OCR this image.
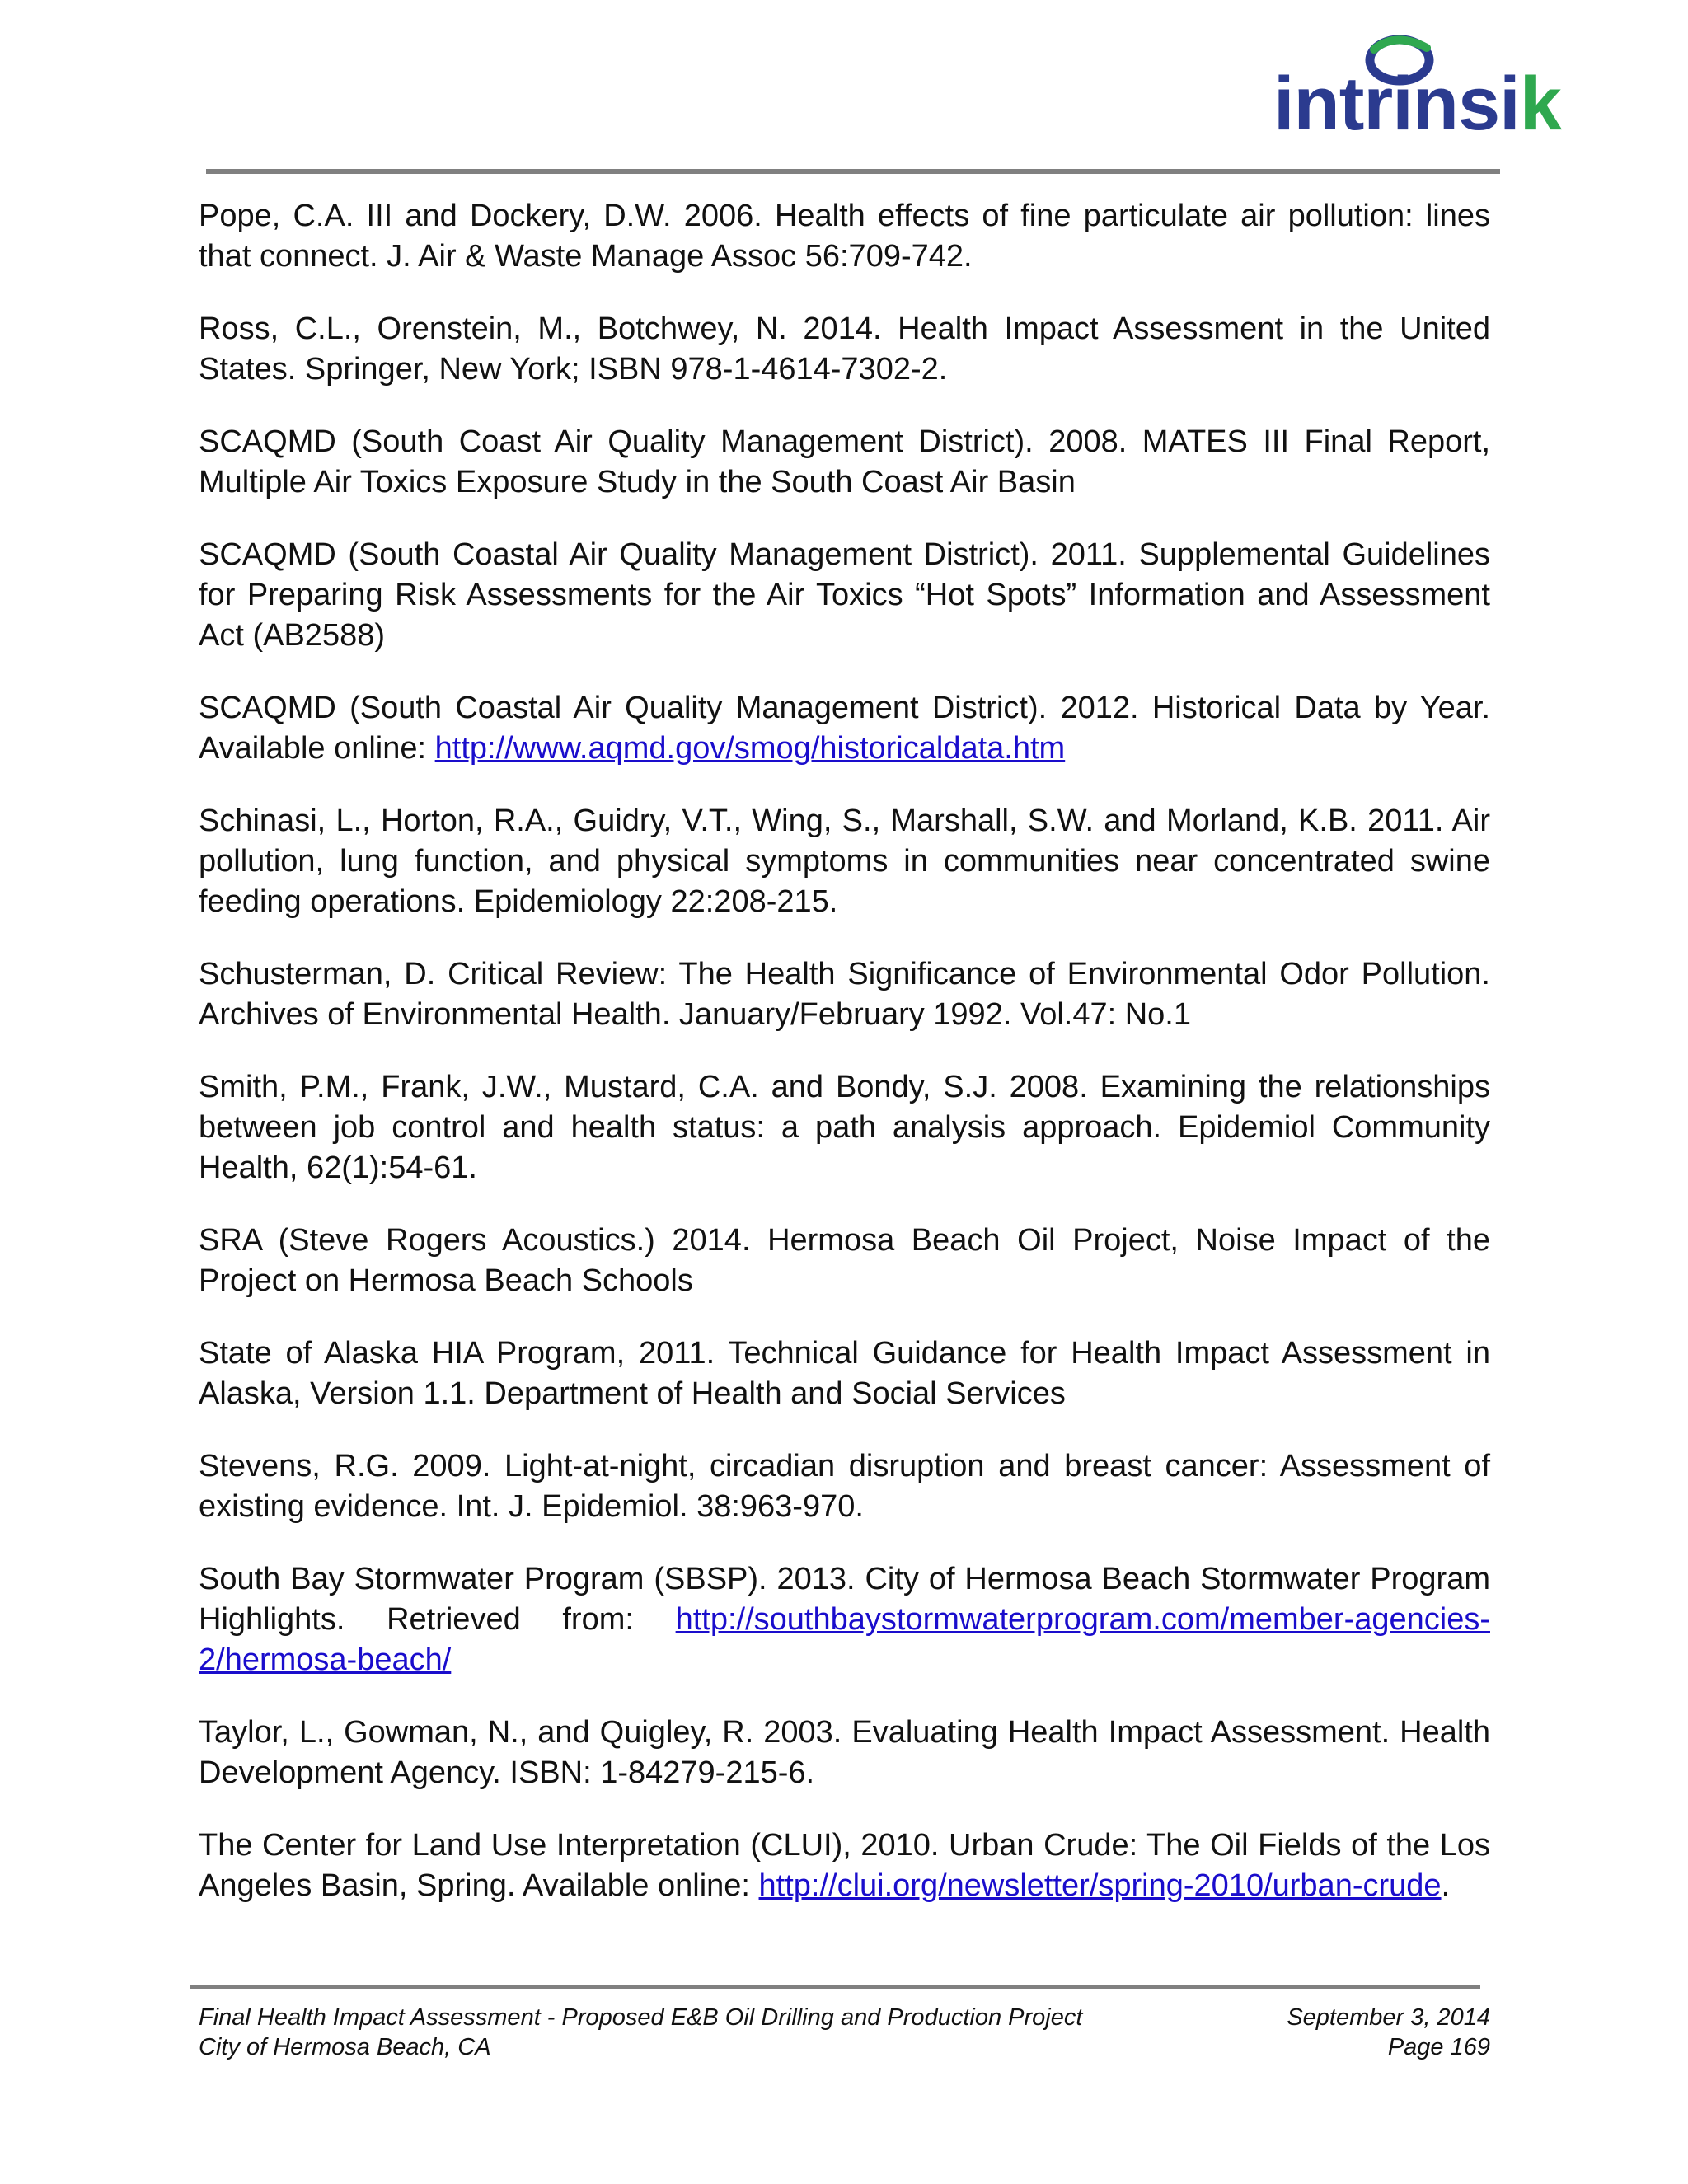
intrinsik

Pope, C.A. III and Dockery, D.W. 2006. Health effects of fine particulate air pollution: lines that connect. J. Air & Waste Manage Assoc 56:709-742.

Ross, C.L., Orenstein, M., Botchwey, N. 2014. Health Impact Assessment in the United States. Springer, New York; ISBN 978-1-4614-7302-2.

SCAQMD (South Coast Air Quality Management District). 2008. MATES III Final Report, Multiple Air Toxics Exposure Study in the South Coast Air Basin

SCAQMD (South Coastal Air Quality Management District). 2011. Supplemental Guidelines for Preparing Risk Assessments for the Air Toxics “Hot Spots” Information and Assessment Act (AB2588)

SCAQMD (South Coastal Air Quality Management District). 2012. Historical Data by Year. Available online: http://www.aqmd.gov/smog/historicaldata.htm

Schinasi, L., Horton, R.A., Guidry, V.T., Wing, S., Marshall, S.W. and Morland, K.B. 2011. Air pollution, lung function, and physical symptoms in communities near concentrated swine feeding operations. Epidemiology 22:208-215.

Schusterman, D. Critical Review: The Health Significance of Environmental Odor Pollution. Archives of Environmental Health. January/February 1992. Vol.47: No.1

Smith, P.M., Frank, J.W., Mustard, C.A. and Bondy, S.J. 2008. Examining the relationships between job control and health status: a path analysis approach. Epidemiol Community Health, 62(1):54-61.

SRA (Steve Rogers Acoustics.) 2014. Hermosa Beach Oil Project, Noise Impact of the Project on Hermosa Beach Schools

State of Alaska HIA Program, 2011. Technical Guidance for Health Impact Assessment in Alaska, Version 1.1. Department of Health and Social Services

Stevens, R.G. 2009. Light-at-night, circadian disruption and breast cancer: Assessment of existing evidence. Int. J. Epidemiol. 38:963-970.

South Bay Stormwater Program (SBSP). 2013. City of Hermosa Beach Stormwater Program Highlights. Retrieved from: http://southbaystormwaterprogram.com/member-agencies-2/hermosa-beach/

Taylor, L., Gowman, N., and Quigley, R. 2003. Evaluating Health Impact Assessment. Health Development Agency. ISBN: 1-84279-215-6.

The Center for Land Use Interpretation (CLUI), 2010. Urban Crude: The Oil Fields of the Los Angeles Basin, Spring. Available online: http://clui.org/newsletter/spring-2010/urban-crude.

Final Health Impact Assessment - Proposed E&B Oil Drilling and Production Project	September 3, 2014
City of Hermosa Beach, CA	Page 169
